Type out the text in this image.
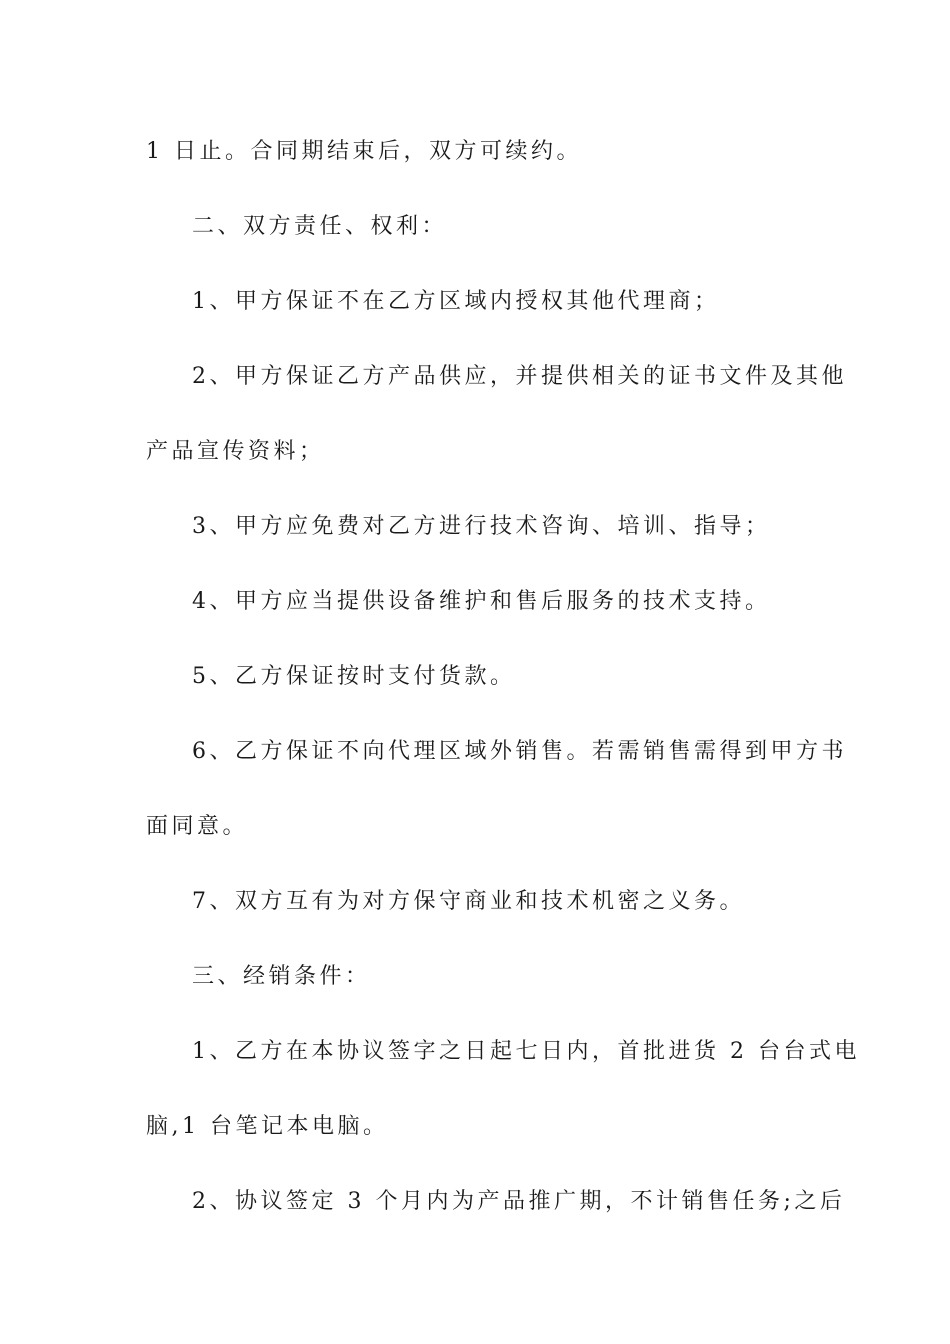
1 日止。合同期结束后，双方可续约。
二、双方责任、权利：
1、甲方保证不在乙方区域内授权其他代理商；
2、甲方保证乙方产品供应，并提供相关的证书文件及其他
产品宣传资料；
3、甲方应免费对乙方进行技术咨询、培训、指导；
4、甲方应当提供设备维护和售后服务的技术支持。
5、乙方保证按时支付货款。
6、乙方保证不向代理区域外销售。若需销售需得到甲方书
面同意。
7、双方互有为对方保守商业和技术机密之义务。
三、经销条件：
1、乙方在本协议签字之日起七日内，首批进货 2 台台式电
脑,1 台笔记本电脑。
2、协议签定 3 个月内为产品推广期，不计销售任务;之后
